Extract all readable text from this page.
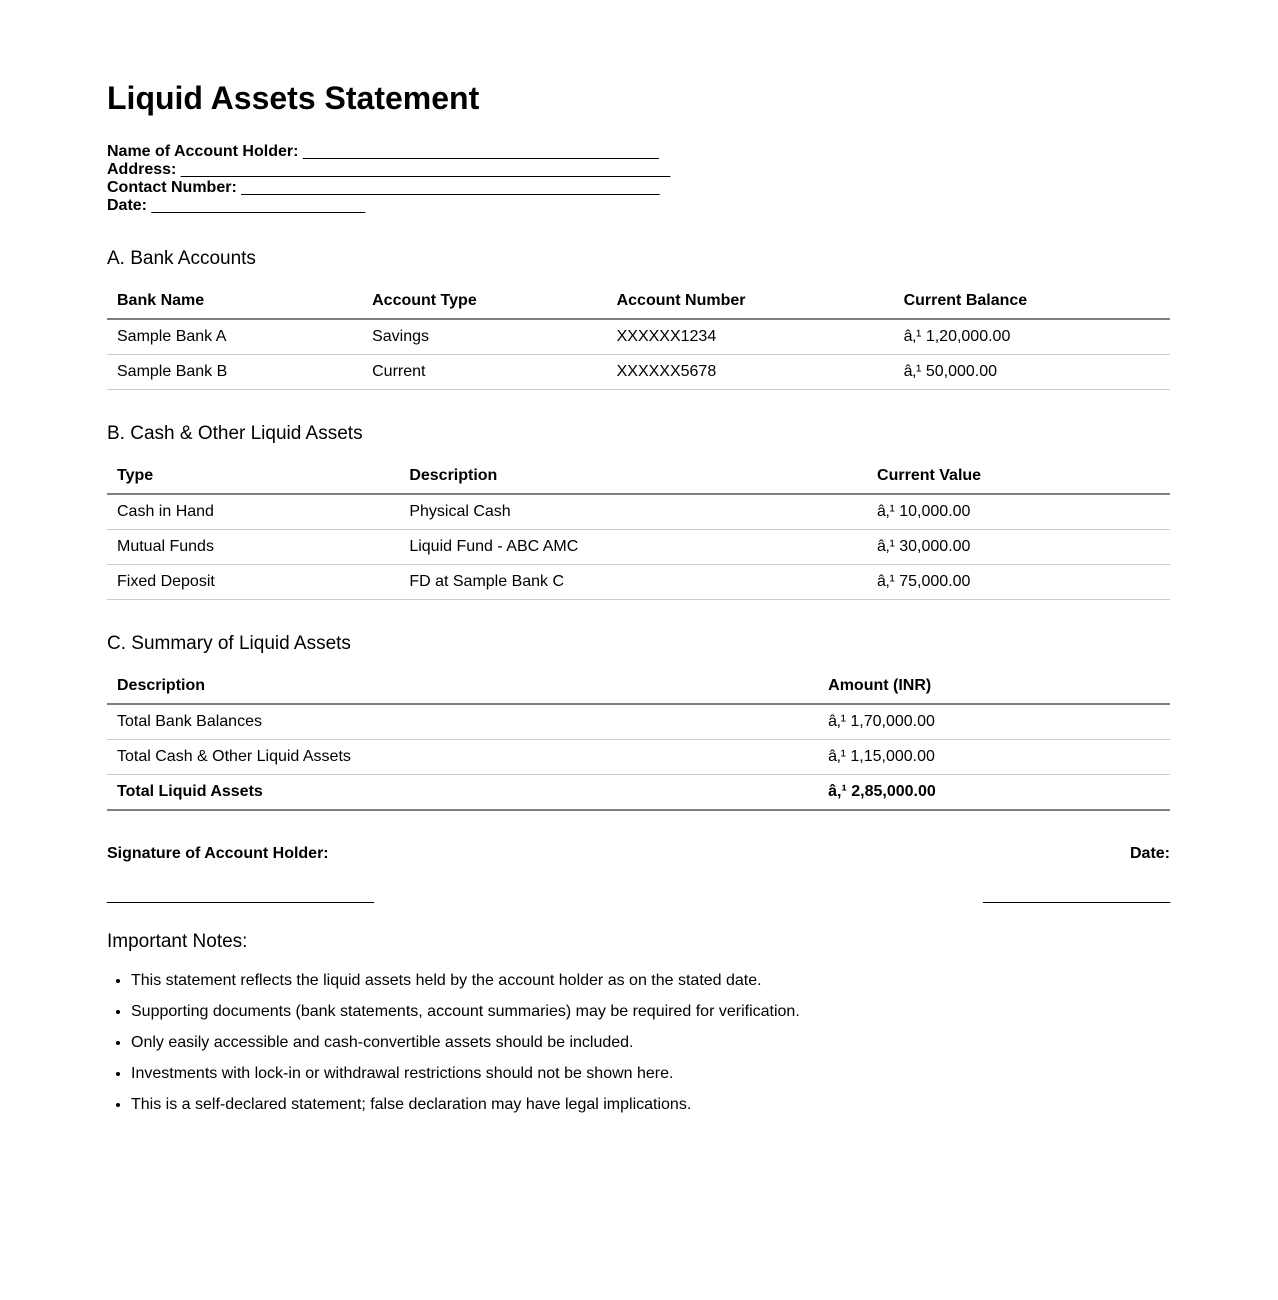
Liquid Assets Statement
Name of Account Holder: ________________________________________
Address: _______________________________________________________
Contact Number: _______________________________________________
Date: ________________________
A. Bank Accounts
Bank Name	Account Type	Account Number	Current Balance
Sample Bank A	Savings	XXXXXX1234	â‚¹ 1,20,000.00
Sample Bank B	Current	XXXXXX5678	â‚¹ 50,000.00
B. Cash & Other Liquid Assets
Type	Description	Current Value
Cash in Hand	Physical Cash	â‚¹ 10,000.00
Mutual Funds	Liquid Fund - ABC AMC	â‚¹ 30,000.00
Fixed Deposit	FD at Sample Bank C	â‚¹ 75,000.00
C. Summary of Liquid Assets
Description	Amount (INR)
Total Bank Balances	â‚¹ 1,70,000.00
Total Cash & Other Liquid Assets	â‚¹ 1,15,000.00
Total Liquid Assets	â‚¹ 2,85,000.00
Signature of Account Holder:	Date:
______________________________	_____________________
Important Notes:
• This statement reflects the liquid assets held by the account holder as on the stated date.
• Supporting documents (bank statements, account summaries) may be required for verification.
• Only easily accessible and cash-convertible assets should be included.
• Investments with lock-in or withdrawal restrictions should not be shown here.
• This is a self-declared statement; false declaration may have legal implications.
